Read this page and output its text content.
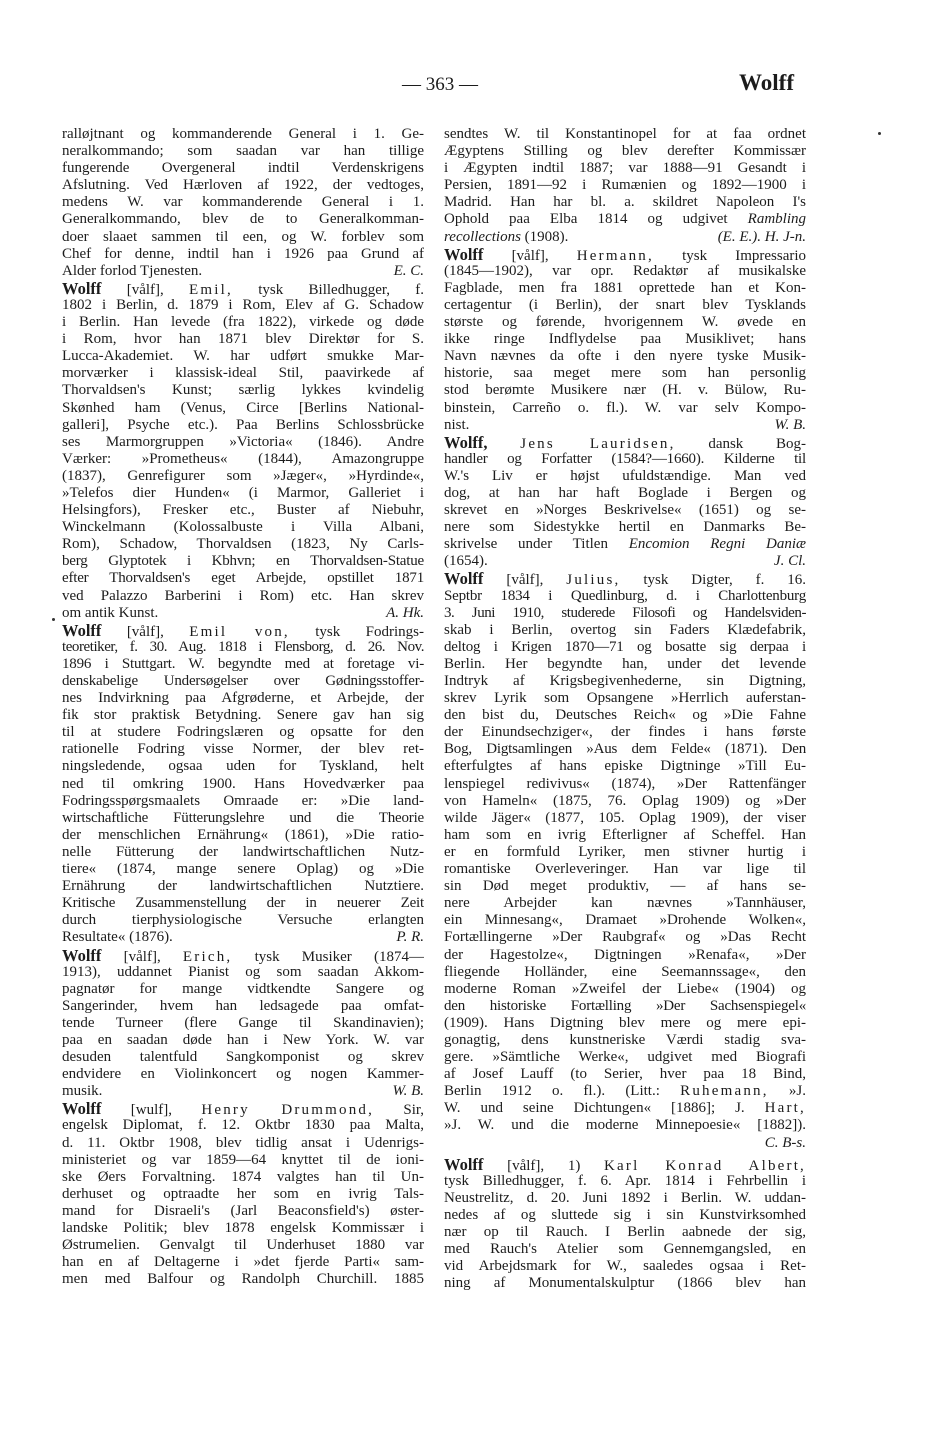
— 363 —	Wolff
ralløjtnant og kommanderende General i 1. Ge-
neralkommando; som saadan var han tillige
fungerende Overgeneral indtil Verdenskrigens
Afslutning. Ved Hærloven af 1922, der vedtoges,
medens W. var kommanderende General i 1.
Generalkommando, blev de to Generalkomman-
doer slaaet sammen til een, og W. forblev som
Chef for denne, indtil han i 1926 paa Grund af
Alder forlod Tjenesten.	E. C.
Wolff [vålf], Emil, tysk Billedhugger, f.
1802 i Berlin, d. 1879 i Rom, Elev af G. Schadow
i Berlin. Han levede (fra 1822), virkede og døde
i Rom, hvor han 1871 blev Direktør for S.
Lucca-Akademiet. W. har udført smukke Mar-
morværker i klassisk-ideal Stil, paavirkede af
Thorvaldsen's Kunst; særlig lykkes kvindelig
Skønhed ham (Venus, Circe [Berlins National-
galleri], Psyche etc.). Paa Berlins Schlossbrücke
ses Marmorgruppen »Victoria« (1846). Andre
Værker: »Prometheus« (1844), Amazongruppe
(1837), Genrefigurer som »Jæger«, »Hyrdinde«,
»Telefos dier Hunden« (i Marmor, Galleriet i
Helsingfors), Fresker etc., Buster af Niebuhr,
Winckelmann (Kolossalbuste i Villa Albani,
Rom), Schadow, Thorvaldsen (1823, Ny Carls-
berg Glyptotek i Kbhvn; en Thorvaldsen-Statue
efter Thorvaldsen's eget Arbejde, opstillet 1871
ved Palazzo Barberini i Rom) etc. Han skrev
om antik Kunst.	A. Hk.
Wolff [vålf], Emil von, tysk Fodrings-
teoretiker, f. 30. Aug. 1818 i Flensborg, d. 26. Nov.
1896 i Stuttgart. W. begyndte med at foretage vi-
denskabelige Undersøgelser over Gødningsstoffer-
nes Indvirkning paa Afgrøderne, et Arbejde, der
fik stor praktisk Betydning. Senere gav han sig
til at studere Fodringslæren og opsatte for den
rationelle Fodring visse Normer, der blev ret-
ningsledende, ogsaa uden for Tyskland, helt
ned til omkring 1900. Hans Hovedværker paa
Fodringsspørgsmaalets Omraade er: »Die land-
wirtschaftliche Fütterungslehre und die Theorie
der menschlichen Ernährung« (1861), »Die ratio-
nelle Fütterung der landwirtschaftlichen Nutz-
tiere« (1874, mange senere Oplag) og »Die
Ernährung der landwirtschaftlichen Nutztiere.
Kritische Zusammenstellung der in neuerer Zeit
durch tierphysiologische Versuche erlangten
Resultate« (1876).	P. R.
Wolff [vålf], Erich, tysk Musiker (1874—
1913), uddannet Pianist og som saadan Akkom-
pagnatør for mange vidtkendte Sangere og
Sangerinder, hvem han ledsagede paa omfat-
tende Turneer (flere Gange til Skandinavien);
paa en saadan døde han i New York. W. var
desuden talentfuld Sangkomponist og skrev
endvidere en Violinkoncert og nogen Kammer-
musik.	W. B.
Wolff [wulf], Henry Drummond, Sir,
engelsk Diplomat, f. 12. Oktbr 1830 paa Malta,
d. 11. Oktbr 1908, blev tidlig ansat i Udenrigs-
ministeriet og var 1859—64 knyttet til de ioni-
ske Øers Forvaltning. 1874 valgtes han til Un-
derhuset og optraadte her som en ivrig Tals-
mand for Disraeli's (Jarl Beaconsfield's) øster-
landske Politik; blev 1878 engelsk Kommissær i
Østrumelien. Genvalgt til Underhuset 1880 var
han en af Deltagerne i »det fjerde Parti« sam-
men med Balfour og Randolph Churchill. 1885
sendtes W. til Konstantinopel for at faa ordnet
Ægyptens Stilling og blev derefter Kommissær
i Ægypten indtil 1887; var 1888—91 Gesandt i
Persien, 1891—92 i Rumænien og 1892—1900 i
Madrid. Han har bl. a. skildret Napoleon I's
Ophold paa Elba 1814 og udgivet Rambling
recollections (1908).	(E. E.). H. J-n.
Wolff [vålf], Hermann, tysk Impressario
(1845—1902), var opr. Redaktør af musikalske
Fagblade, men fra 1881 oprettede han et Kon-
certagentur (i Berlin), der snart blev Tysklands
største og førende, hvorigennem W. øvede en
ikke ringe Indflydelse paa Musiklivet; hans
Navn nævnes da ofte i den nyere tyske Musik-
historie, saa meget mere som han personlig
stod berømte Musikere nær (H. v. Bülow, Ru-
binstein, Carreño o. fl.). W. var selv Kompo-
nist.	W. B.
Wolff, Jens Lauridsen, dansk Bog-
handler og Forfatter (1584?—1660). Kilderne til
W.'s Liv er højst ufuldstændige. Man ved
dog, at han har haft Boglade i Bergen og
skrevet en »Norges Beskrivelse« (1651) og se-
nere som Sidestykke hertil en Danmarks Be-
skrivelse under Titlen Encomion Regni Daniæ
(1654).	J. Cl.
Wolff [vålf], Julius, tysk Digter, f. 16.
Septbr 1834 i Quedlinburg, d. i Charlottenburg
3. Juni 1910, studerede Filosofi og Handelsviden-
skab i Berlin, overtog sin Faders Klædefabrik,
deltog i Krigen 1870—71 og bosatte sig derpaa i
Berlin. Her begyndte han, under det levende
Indtryk af Krigsbegivenhederne, sin Digtning,
skrev Lyrik som Opsangene »Herrlich auferstan-
den bist du, Deutsches Reich« og »Die Fahne
der Einundsechziger«, der findes i hans første
Bog, Digtsamlingen »Aus dem Felde« (1871). Den
efterfulgtes af hans episke Digtninge »Till Eu-
lenspiegel redivivus« (1874), »Der Rattenfänger
von Hameln« (1875, 76. Oplag 1909) og »Der
wilde Jäger« (1877, 105. Oplag 1909), der viser
ham som en ivrig Efterligner af Scheffel. Han
er en formfuld Lyriker, men stivner hurtig i
romantiske Overleveringer. Han var lige til
sin Død meget produktiv, — af hans se-
nere Arbejder kan nævnes »Tannhäuser,
ein Minnesang«, Dramaet »Drohende Wolken«,
Fortællingerne »Der Raubgraf« og »Das Recht
der Hagestolze«, Digtningen »Renafa«, »Der
fliegende Holländer, eine Seemannssage«, den
moderne Roman »Zweifel der Liebe« (1904) og
den historiske Fortælling »Der Sachsenspiegel«
(1909). Hans Digtning blev mere og mere epi-
gonagtig, dens kunstneriske Værdi stadig sva-
gere. »Sämtliche Werke«, udgivet med Biografi
af Josef Lauff (to Serier, hver paa 18 Bind,
Berlin 1912 o. fl.). (Litt.: Ruhemann, »J.
W. und seine Dichtungen« [1886]; J. Hart,
»J. W. und die moderne Minnepoesie« [1882]).
C. B-s.
Wolff [vålf], 1) Karl Konrad Albert,
tysk Billedhugger, f. 6. Apr. 1814 i Fehrbellin i
Neustrelitz, d. 20. Juni 1892 i Berlin. W. uddan-
nedes af og sluttede sig i sin Kunstvirksomhed
nær op til Rauch. I Berlin aabnede der sig,
med Rauch's Atelier som Gennemgangsled, en
vid Arbejdsmark for W., saaledes ogsaa i Ret-
ning af Monumentalskulptur (1866 blev han
